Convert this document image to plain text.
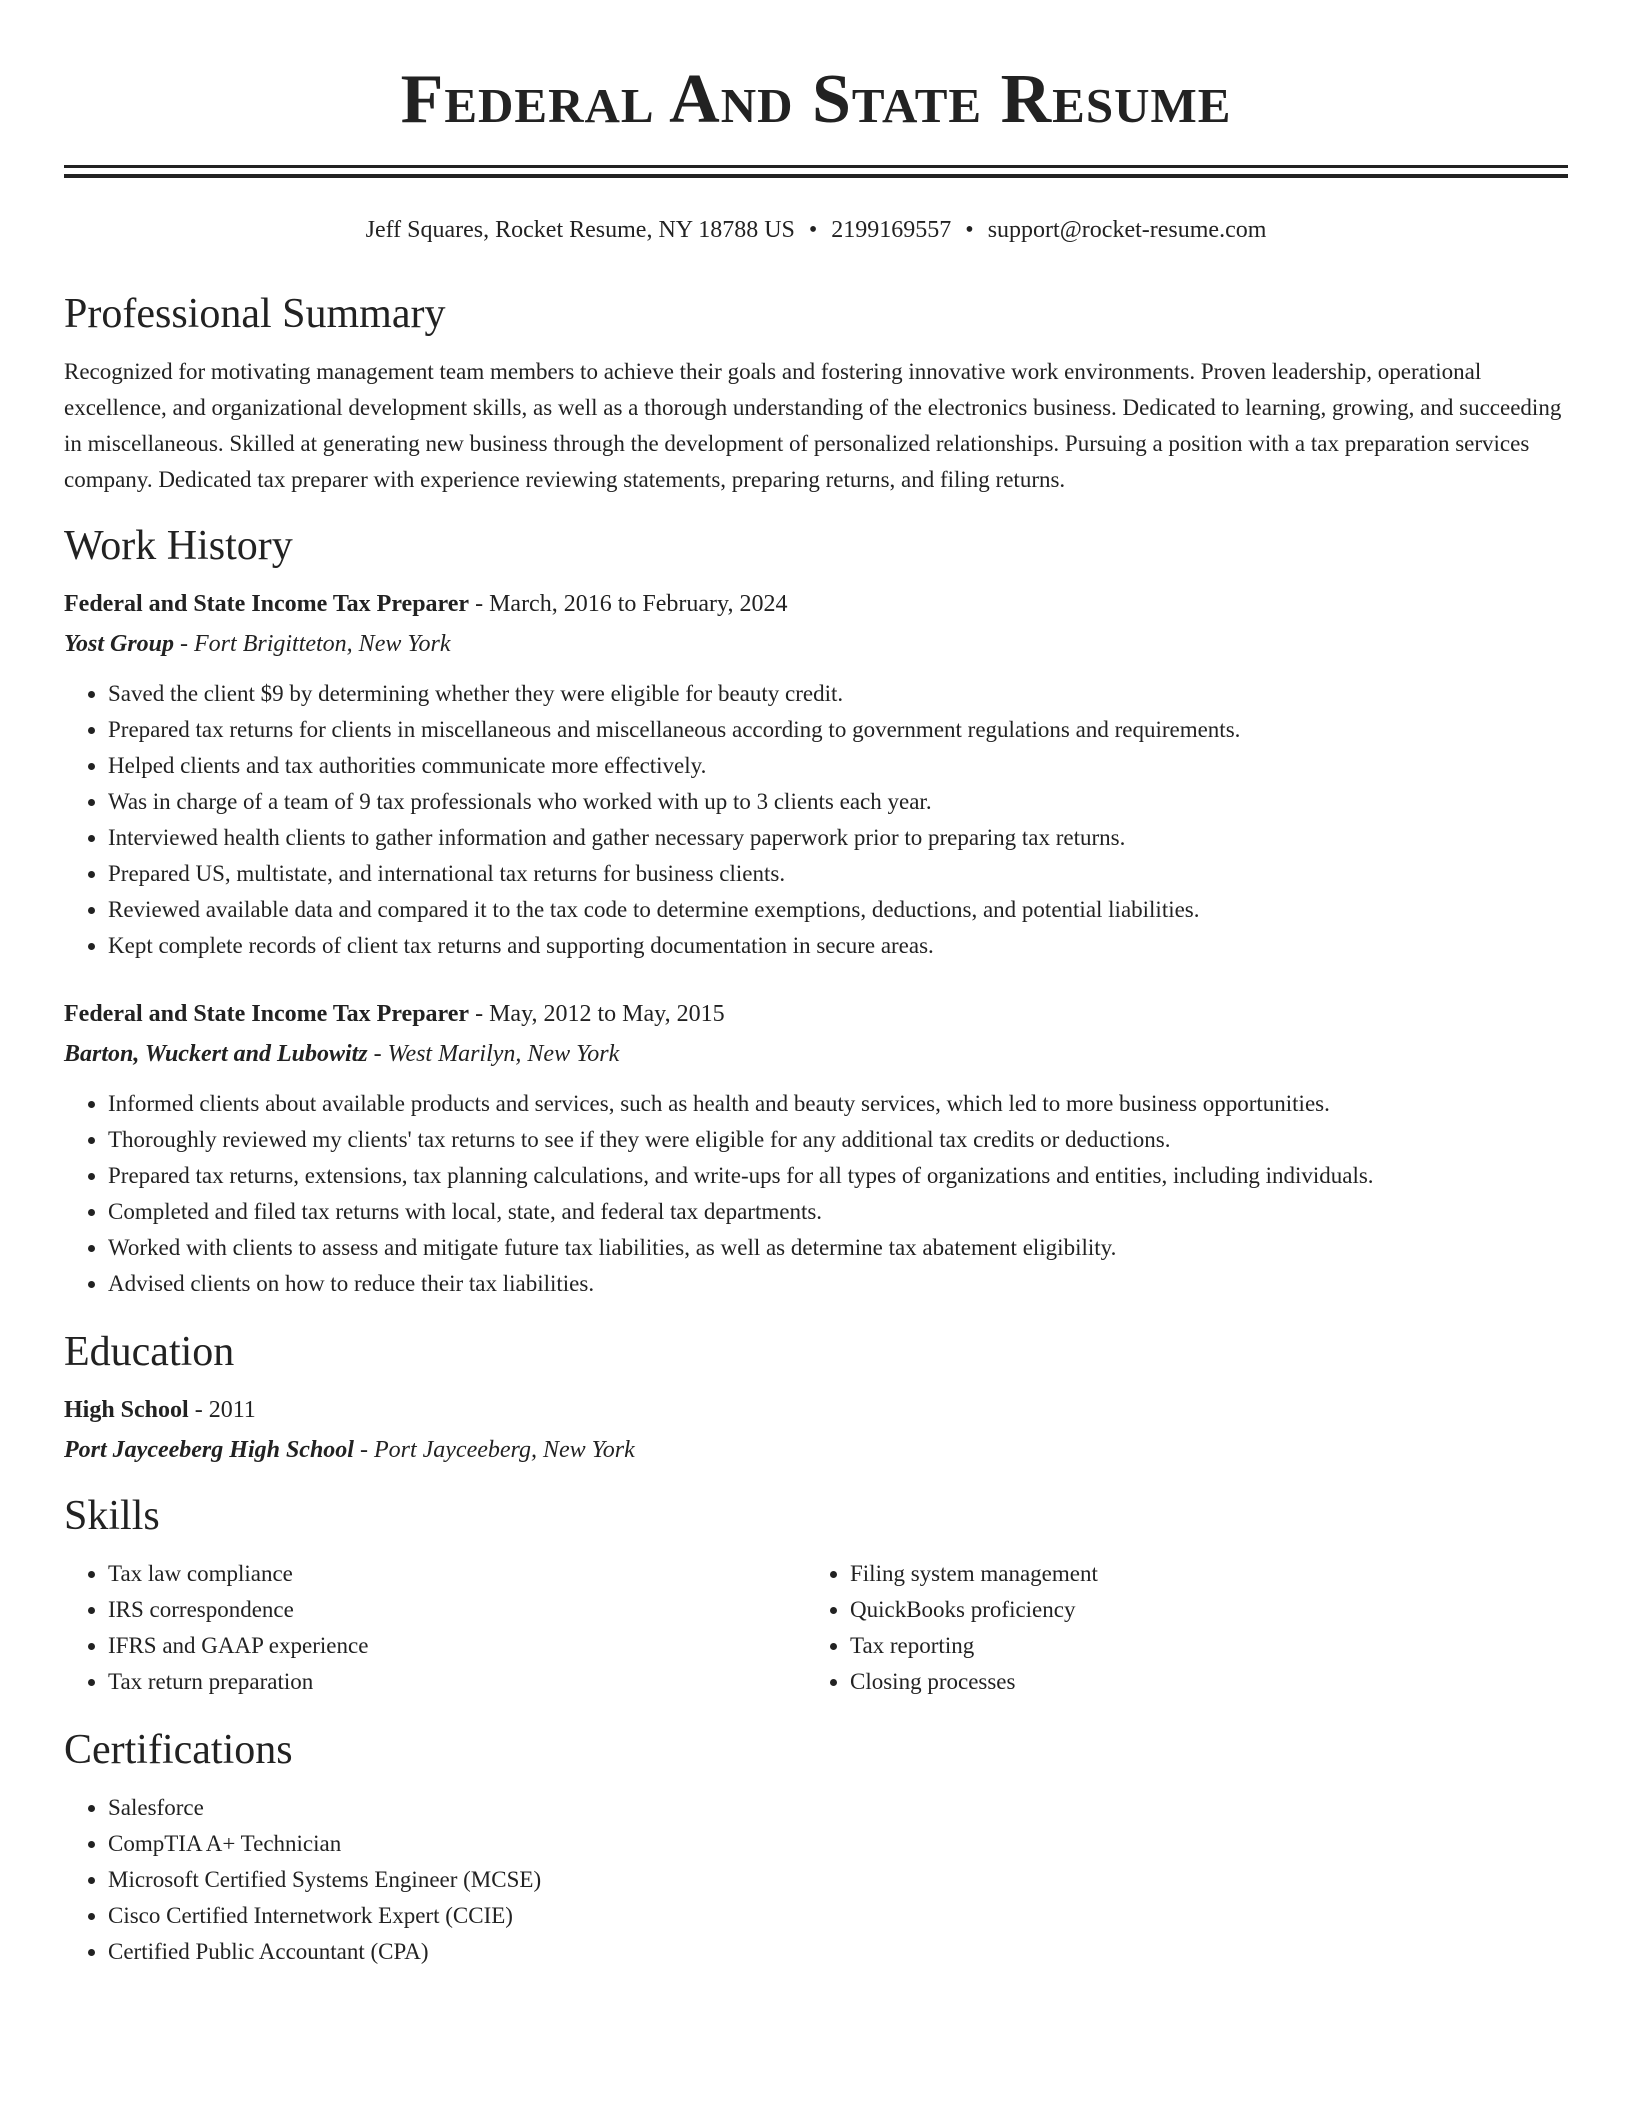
Federal And State Resume
Jeff Squares, Rocket Resume, NY 18788 US • 2199169557 • support@rocket-resume.com
Professional Summary

Recognized for motivating management team members to achieve their goals and fostering innovative work environments. Proven leadership, operational excellence, and organizational development skills, as well as a thorough understanding of the electronics business. Dedicated to learning, growing, and succeeding in miscellaneous. Skilled at generating new business through the development of personalized relationships. Pursuing a position with a tax preparation services company. Dedicated tax preparer with experience reviewing statements, preparing returns, and filing returns.

Work History

Federal and State Income Tax Preparer - March, 2016 to February, 2024

Yost Group - Fort Brigitteton, New York

• Saved the client $9 by determining whether they were eligible for beauty credit.
• Prepared tax returns for clients in miscellaneous and miscellaneous according to government regulations and requirements.
• Helped clients and tax authorities communicate more effectively.
• Was in charge of a team of 9 tax professionals who worked with up to 3 clients each year.
• Interviewed health clients to gather information and gather necessary paperwork prior to preparing tax returns.
• Prepared US, multistate, and international tax returns for business clients.
• Reviewed available data and compared it to the tax code to determine exemptions, deductions, and potential liabilities.
• Kept complete records of client tax returns and supporting documentation in secure areas.

Federal and State Income Tax Preparer - May, 2012 to May, 2015

Barton, Wuckert and Lubowitz - West Marilyn, New York

• Informed clients about available products and services, such as health and beauty services, which led to more business opportunities.
• Thoroughly reviewed my clients' tax returns to see if they were eligible for any additional tax credits or deductions.
• Prepared tax returns, extensions, tax planning calculations, and write-ups for all types of organizations and entities, including individuals.
• Completed and filed tax returns with local, state, and federal tax departments.
• Worked with clients to assess and mitigate future tax liabilities, as well as determine tax abatement eligibility.
• Advised clients on how to reduce their tax liabilities.
Education

High School - 2011

Port Jayceeberg High School - Port Jayceeberg, New York

Skills
• Tax law compliance
• IRS correspondence
• IFRS and GAAP experience
• Tax return preparation
• Filing system management
• QuickBooks proficiency
• Tax reporting
• Closing processes
Certifications
• Salesforce
• CompTIA A+ Technician
• Microsoft Certified Systems Engineer (MCSE)
• Cisco Certified Internetwork Expert (CCIE)
• Certified Public Accountant (CPA)
